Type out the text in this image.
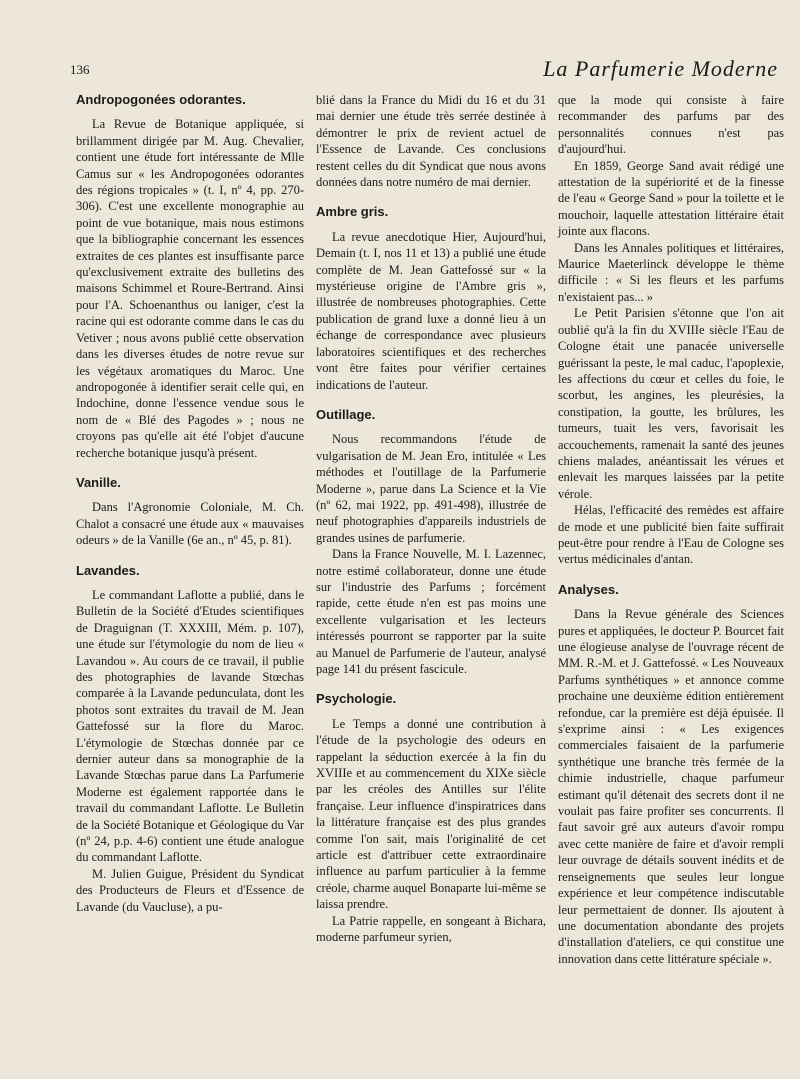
136	La Parfumerie Moderne
Andropogonées odorantes.

La Revue de Botanique appliquée, si brillamment dirigée par M. Aug. Chevalier, contient une étude fort intéressante de Mlle Camus sur « les Andropogonées odorantes des régions tropicales » (t. I, nº 4, pp. 270-306). C'est une excellente monographie au point de vue botanique, mais nous estimons que la bibliographie concernant les essences extraites de ces plantes est insuffisante parce qu'exclusivement extraite des bulletins des maisons Schimmel et Roure-Bertrand. Ainsi pour l'A. Schoenanthus ou laniger, c'est la racine qui est odorante comme dans le cas du Vetiver ; nous avons publié cette observation dans les diverses études de notre revue sur les végétaux aromatiques du Maroc. Une andropogonée à identifier serait celle qui, en Indochine, donne l'essence vendue sous le nom de « Blé des Pagodes » ; nous ne croyons pas qu'elle ait été l'objet d'aucune recherche botanique jusqu'à présent.

Vanille.

Dans l'Agronomie Coloniale, M. Ch. Chalot a consacré une étude aux « mauvaises odeurs » de la Vanille (6e an., nº 45, p. 81).

Lavandes.

Le commandant Laflotte a publié, dans le Bulletin de la Société d'Etudes scientifiques de Draguignan (T. XXXIII, Mém. p. 107), une étude sur l'étymologie du nom de lieu « Lavandou ». Au cours de ce travail, il publie des photographies de lavande Stœchas comparée à la Lavande pedunculata, dont les photos sont extraites du travail de M. Jean Gattefossé sur la flore du Maroc. L'étymologie de Stœchas donnée par ce dernier auteur dans sa monographie de la Lavande Stœchas parue dans La Parfumerie Moderne est également rapportée dans le travail du commandant Laflotte. Le Bulletin de la Société Botanique et Géologique du Var (nº 24, p.p. 4-6) contient une étude analogue du commandant Laflotte.

M. Julien Guigue, Président du Syndicat des Producteurs de Fleurs et d'Essence de Lavande (du Vaucluse), a pu-

blié dans la France du Midi du 16 et du 31 mai dernier une étude très serrée destinée à démontrer le prix de revient actuel de l'Essence de Lavande. Ces conclusions restent celles du dit Syndicat que nous avons données dans notre numéro de mai dernier.

Ambre gris.

La revue anecdotique Hier, Aujourd'hui, Demain (t. I, nos 11 et 13) a publié une étude complète de M. Jean Gattefossé sur « la mystérieuse origine de l'Ambre gris », illustrée de nombreuses photographies. Cette publication de grand luxe a donné lieu à un échange de correspondance avec plusieurs laboratoires scientifiques et des recherches vont être faites pour vérifier certaines indications de l'auteur.

Outillage.

Nous recommandons l'étude de vulgarisation de M. Jean Ero, intitulée « Les méthodes et l'outillage de la Parfumerie Moderne », parue dans La Science et la Vie (nº 62, mai 1922, pp. 491-498), illustrée de neuf photographies d'appareils industriels de grandes usines de parfumerie.

Dans la France Nouvelle, M. I. Lazennec, notre estimé collaborateur, donne une étude sur l'industrie des Parfums ; forcément rapide, cette étude n'en est pas moins une excellente vulgarisation et les lecteurs intéressés pourront se rapporter par la suite au Manuel de Parfumerie de l'auteur, analysé page 141 du présent fascicule.

Psychologie.

Le Temps a donné une contribution à l'étude de la psychologie des odeurs en rappelant la séduction exercée à la fin du XVIIIe et au commencement du XIXe siècle par les créoles des Antilles sur l'élite française. Leur influence d'inspiratrices dans la littérature française est des plus grandes comme l'on sait, mais l'originalité de cet article est d'attribuer cette extraordinaire influence au parfum particulier à la femme créole, charme auquel Bonaparte lui-même se laissa prendre.

La Patrie rappelle, en songeant à Bichara, moderne parfumeur syrien,

que la mode qui consiste à faire recommander des parfums par des personnalités connues n'est pas d'aujourd'hui.

En 1859, George Sand avait rédigé une attestation de la supériorité et de la finesse de l'eau « George Sand » pour la toilette et le mouchoir, laquelle attestation littéraire était jointe aux flacons.

Dans les Annales politiques et littéraires, Maurice Maeterlinck développe le thème difficile : « Si les fleurs et les parfums n'existaient pas... »

Le Petit Parisien s'étonne que l'on ait oublié qu'à la fin du XVIIIe siècle l'Eau de Cologne était une panacée universelle guérissant la peste, le mal caduc, l'apoplexie, les affections du cœur et celles du foie, le scorbut, les angines, les pleurésies, la constipation, la goutte, les brûlures, les tumeurs, tuait les vers, favorisait les accouchements, ramenait la santé des jeunes chiens malades, anéantissait les vérues et enlevait les marques laissées par la petite vérole.

Hélas, l'efficacité des remèdes est affaire de mode et une publicité bien faite suffirait peut-être pour rendre à l'Eau de Cologne ses vertus médicinales d'antan.

Analyses.

Dans la Revue générale des Sciences pures et appliquées, le docteur P. Bourcet fait une élogieuse analyse de l'ouvrage récent de MM. R.-M. et J. Gattefossé. « Les Nouveaux Parfums synthétiques » et annonce comme prochaine une deuxième édition entièrement refondue, car la première est déjà épuisée. Il s'exprime ainsi : « Les exigences commerciales faisaient de la parfumerie synthétique une branche très fermée de la chimie industrielle, chaque parfumeur estimant qu'il détenait des secrets dont il ne voulait pas faire profiter ses concurrents. Il faut savoir gré aux auteurs d'avoir rompu avec cette manière de faire et d'avoir rempli leur ouvrage de détails souvent inédits et de renseignements que seules leur longue expérience et leur compétence indiscutable leur permettaient de donner. Ils ajoutent à une documentation abondante des projets d'installation d'ateliers, ce qui constitue une innovation dans cette littérature spéciale ».
